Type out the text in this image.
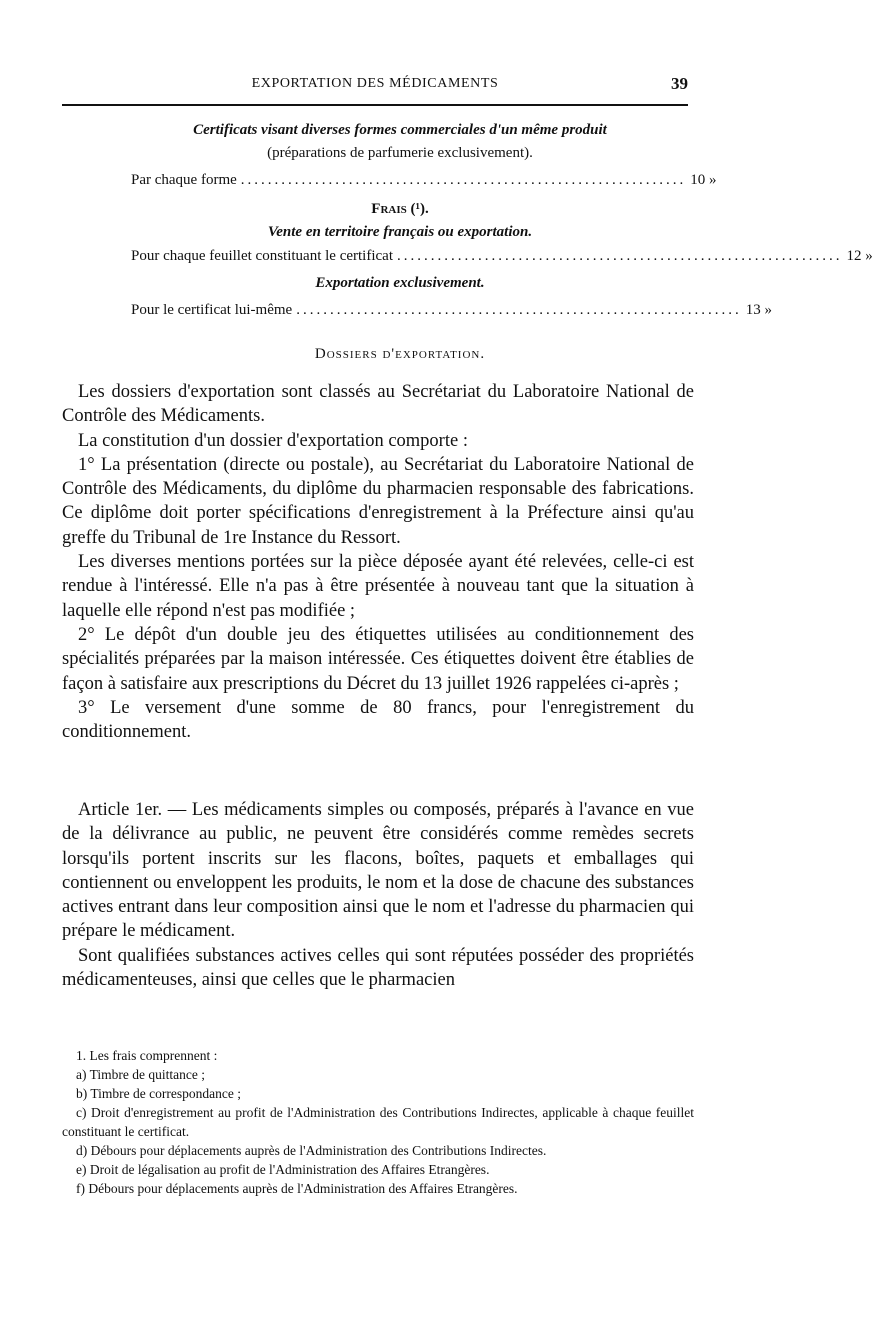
EXPORTATION DES MÉDICAMENTS	39
Certificats visant diverses formes commerciales d'un même produit
(préparations de parfumerie exclusivement).
Par chaque forme .................................................................. 10 »
Frais (¹).
Vente en territoire français ou exportation.
Pour chaque feuillet constituant le certificat .................................................................. 12 »
Exportation exclusivement.
Pour le certificat lui-même .................................................................. 13 »
Dossiers d'exportation.

Les dossiers d'exportation sont classés au Secrétariat du Laboratoire National de Contrôle des Médicaments.

La constitution d'un dossier d'exportation comporte :

1° La présentation (directe ou postale), au Secrétariat du Laboratoire National de Contrôle des Médicaments, du diplôme du pharmacien responsable des fabrications. Ce diplôme doit porter spécifications d'enregistrement à la Préfecture ainsi qu'au greffe du Tribunal de 1re Instance du Ressort.

Les diverses mentions portées sur la pièce déposée ayant été relevées, celle-ci est rendue à l'intéressé. Elle n'a pas à être présentée à nouveau tant que la situation à laquelle elle répond n'est pas modifiée ;

2° Le dépôt d'un double jeu des étiquettes utilisées au conditionnement des spécialités préparées par la maison intéressée. Ces étiquettes doivent être établies de façon à satisfaire aux prescriptions du Décret du 13 juillet 1926 rappelées ci-après ;

3° Le versement d'une somme de 80 francs, pour l'enregistrement du conditionnement.

Article 1er. — Les médicaments simples ou composés, préparés à l'avance en vue de la délivrance au public, ne peuvent être considérés comme remèdes secrets lorsqu'ils portent inscrits sur les flacons, boîtes, paquets et emballages qui contiennent ou enveloppent les produits, le nom et la dose de chacune des substances actives entrant dans leur composition ainsi que le nom et l'adresse du pharmacien qui prépare le médicament.

Sont qualifiées substances actives celles qui sont réputées posséder des propriétés médicamenteuses, ainsi que celles que le pharmacien

1. Les frais comprennent :

a) Timbre de quittance ;

b) Timbre de correspondance ;

c) Droit d'enregistrement au profit de l'Administration des Contributions Indirectes, applicable à chaque feuillet constituant le certificat.

d) Débours pour déplacements auprès de l'Administration des Contributions Indirectes.

e) Droit de légalisation au profit de l'Administration des Affaires Etrangères.

f) Débours pour déplacements auprès de l'Administration des Affaires Etrangères.
